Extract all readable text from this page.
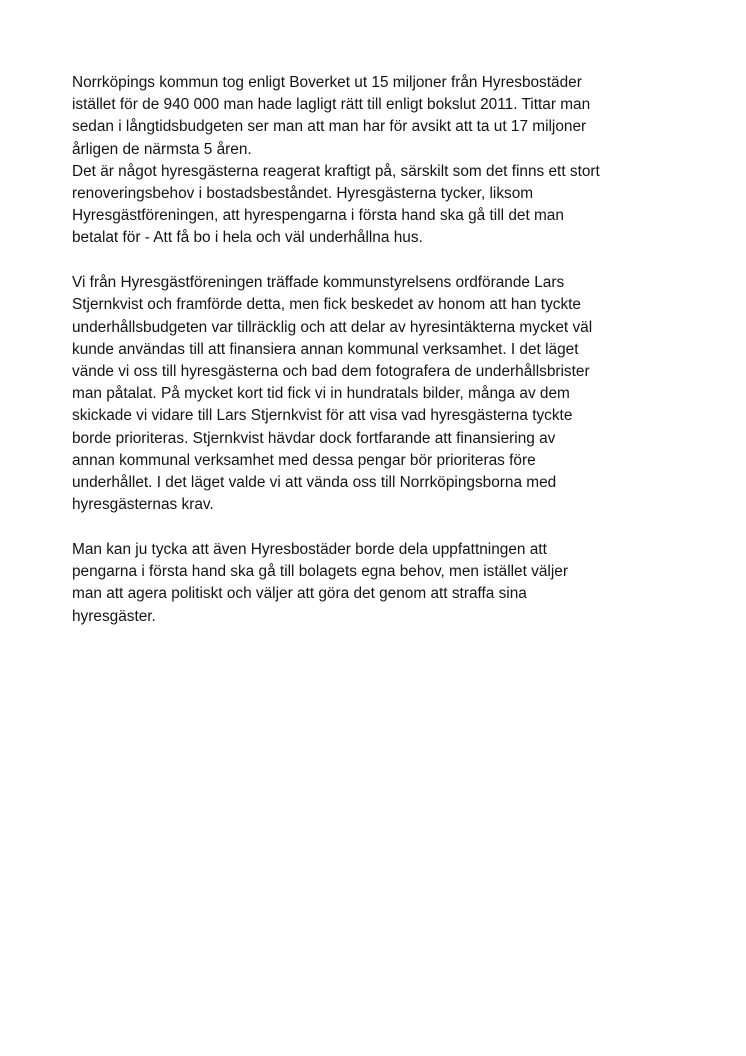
Norrköpings kommun tog enligt Boverket ut 15 miljoner från Hyresbostäder

istället för de 940 000 man hade lagligt rätt till enligt bokslut 2011. Tittar man

sedan i långtidsbudgeten ser man att man har för avsikt att ta ut 17 miljoner

årligen de närmsta 5 åren.

Det är något hyresgästerna reagerat kraftigt på, särskilt som det finns ett stort

renoveringsbehov i bostadsbeståndet. Hyresgästerna tycker, liksom

Hyresgästföreningen, att hyrespengarna i första hand ska gå till det man

betalat för - Att få bo i hela och väl underhållna hus.

Vi från Hyresgästföreningen träffade kommunstyrelsens ordförande Lars

Stjernkvist och framförde detta, men fick beskedet av honom att han tyckte

underhållsbudgeten var tillräcklig och att delar av hyresintäkterna mycket väl

kunde användas till att finansiera annan kommunal verksamhet. I det läget

vände vi oss till hyresgästerna och bad dem fotografera de underhållsbrister

man påtalat. På mycket kort tid fick vi in hundratals bilder, många av dem

skickade vi vidare till Lars Stjernkvist för att visa vad hyresgästerna tyckte

borde prioriteras. Stjernkvist hävdar dock fortfarande att finansiering av

annan kommunal verksamhet med dessa pengar bör prioriteras före

underhållet. I det läget valde vi att vända oss till Norrköpingsborna med

hyresgästernas krav.

Man kan ju tycka att även Hyresbostäder borde dela uppfattningen att

pengarna i första hand ska gå till bolagets egna behov, men istället väljer

man att agera politiskt och väljer att göra det genom att straffa sina

hyresgäster.
